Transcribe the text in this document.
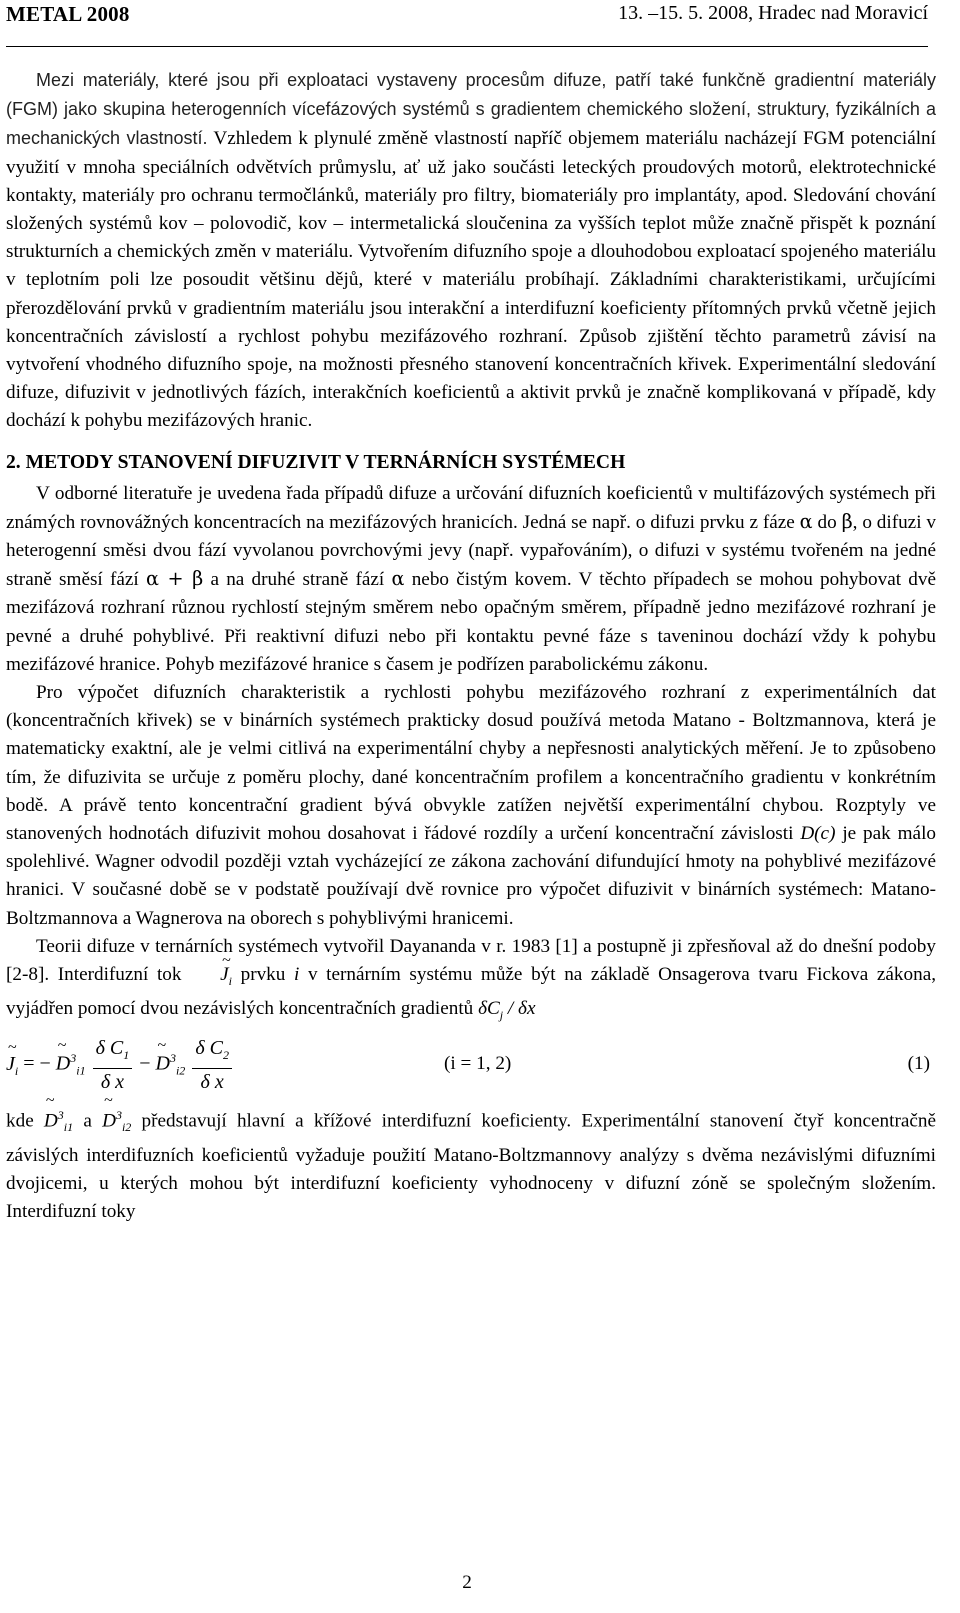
METAL 2008	13. –15. 5. 2008, Hradec nad Moravicí

Mezi materiály, které jsou při exploataci vystaveny procesům difuze, patří také funkčně gradientní materiály (FGM) jako skupina heterogenních vícefázových systémů s gradientem chemického složení, struktury, fyzikálních a mechanických vlastností. Vzhledem k plynulé změně vlastností napříč objemem materiálu nacházejí FGM potenciální využití v mnoha speciálních odvětvích průmyslu, ať už jako součásti leteckých proudových motorů, elektrotechnické kontakty, materiály pro ochranu termočlánků, materiály pro filtry, biomateriály pro implantáty, apod. Sledování chování složených systémů kov – polovodič, kov – intermetalická sloučenina za vyšších teplot může značně přispět k poznání strukturních a chemických změn v materiálu. Vytvořením difuzního spoje a dlouhodobou exploatací spojeného materiálu v teplotním poli lze posoudit většinu dějů, které v materiálu probíhají. Základními charakteristikami, určujícími přerozdělování prvků v gradientním materiálu jsou interakční a interdifuzní koeficienty přítomných prvků včetně jejich koncentračních závislostí a rychlost pohybu mezifázového rozhraní. Způsob zjištění těchto parametrů závisí na vytvoření vhodného difuzního spoje, na možnosti přesného stanovení koncentračních křivek. Experimentální sledování difuze, difuzivit v jednotlivých fázích, interakčních koeficientů a aktivit prvků je značně komplikovaná v případě, kdy dochází k pohybu mezifázových hranic.

2. METODY STANOVENÍ DIFUZIVIT V TERNÁRNÍCH SYSTÉMECH

V odborné literatuře je uvedena řada případů difuze a určování difuzních koeficientů v multifázových systémech při známých rovnovážných koncentracích na mezifázových hranicích. Jedná se např. o difuzi prvku z fáze α do β, o difuzi v heterogenní směsi dvou fází vyvolanou povrchovými jevy (např. vypařováním), o difuzi v systému tvořeném na jedné straně směsí fází α + β a na druhé straně fází α nebo čistým kovem. V těchto případech se mohou pohybovat dvě mezifázová rozhraní různou rychlostí stejným směrem nebo opačným směrem, případně jedno mezifázové rozhraní je pevné a druhé pohyblivé. Při reaktivní difuzi nebo při kontaktu pevné fáze s taveninou dochází vždy k pohybu mezifázové hranice. Pohyb mezifázové hranice s časem je podřízen parabolickému zákonu.

Pro výpočet difuzních charakteristik a rychlosti pohybu mezifázového rozhraní z experimentálních dat (koncentračních křivek) se v binárních systémech prakticky dosud používá metoda Matano - Boltzmannova, která je matematicky exaktní, ale je velmi citlivá na experimentální chyby a nepřesnosti analytických měření. Je to způsobeno tím, že difuzivita se určuje z poměru plochy, dané koncentračním profilem a koncentračního gradientu v konkrétním bodě. A právě tento koncentrační gradient bývá obvykle zatížen největší experimentální chybou. Rozptyly ve stanovených hodnotách difuzivit mohou dosahovat i řádové rozdíly a určení koncentrační závislosti D(c) je pak málo spolehlivé. Wagner odvodil později vztah vycházející ze zákona zachování difundující hmoty na pohyblivé mezifázové hranici. V současné době se v podstatě používají dvě rovnice pro výpočet difuzivit v binárních systémech: Matano-Boltzmannova a Wagnerova na oborech s pohyblivými hranicemi.

Teorii difuze v ternárních systémech vytvořil Dayananda v r. 1983 [1] a postupně ji zpřesňoval až do dnešní podoby [2-8]. Interdifuzní tok ~ $J_i$ prvku i v ternárním systému může být na základě Onsagerova tvaru Fickova zákona, vyjádřen pomocí dvou nezávislých koncentračních gradientů $\delta C_j$ / δx

~ $J_i$ = − ~ $D^3_{i1} \frac{\delta C_1}{\text{δ x}}$ − ~ $D^3_{i2} \frac{\delta C_2}{\text{δ x}}$	(i = 1, 2)	(1)

kde ~ $D^3_{i1}$ a ~ $D^3_{i2}$ představují hlavní a křížové interdifuzní koeficienty. Experimentální stanovení čtyř koncentračně závislých interdifuzních koeficientů vyžaduje použití Matano-Boltzmannovy analýzy s dvěma nezávislými difuzními dvojicemi, u kterých mohou být interdifuzní koeficienty vyhodnoceny v difuzní zóně se společným složením. Interdifuzní toky

2
